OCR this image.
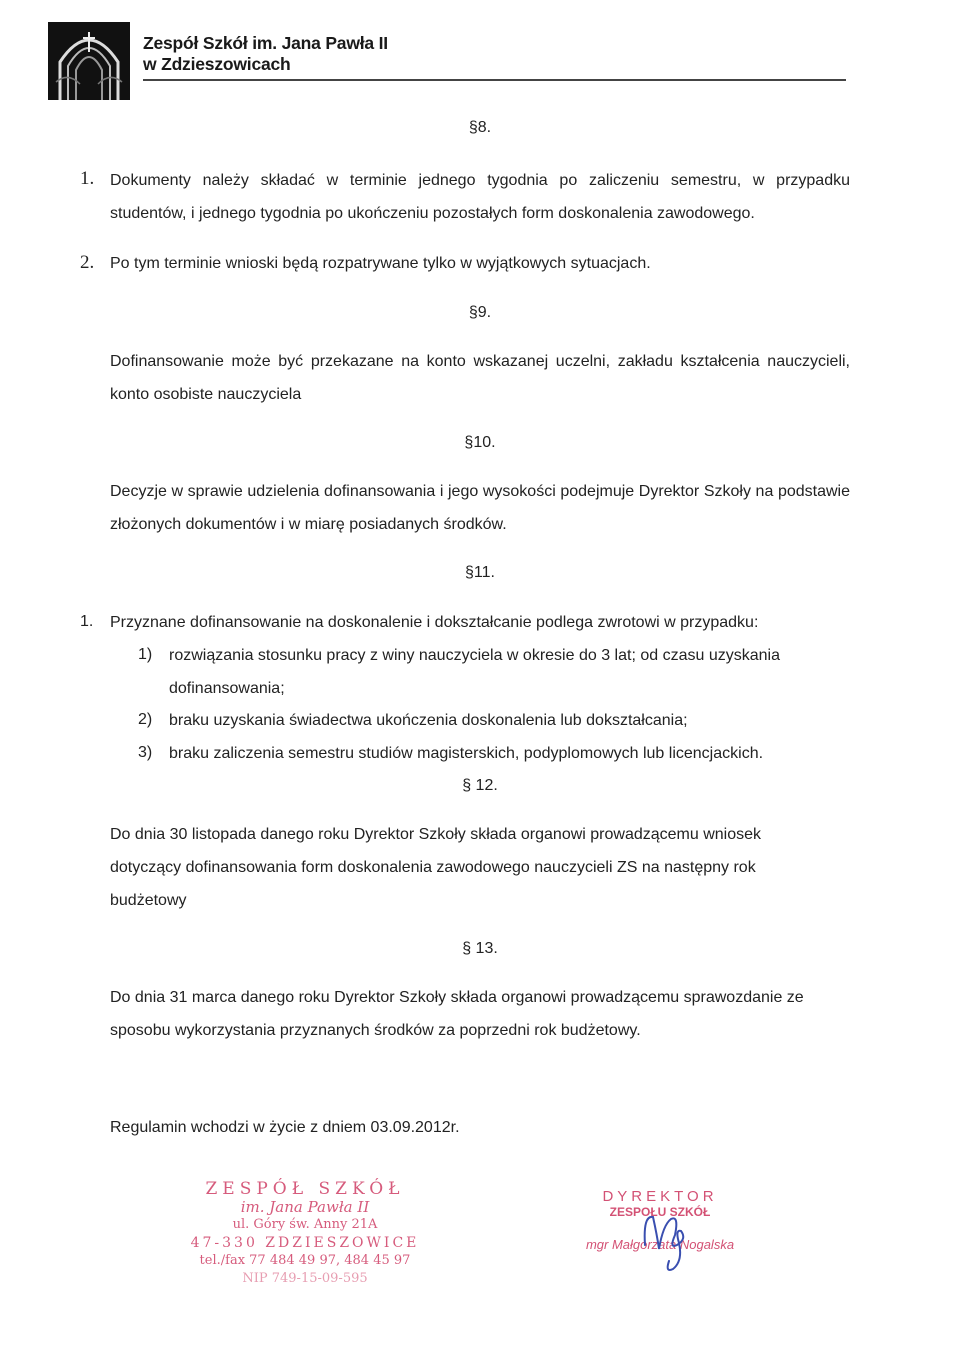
Zespół Szkół im. Jana Pawła II
w Zdzieszowicach
§8.
1. Dokumenty należy składać w terminie jednego tygodnia po zaliczeniu semestru, w przypadku studentów, i jednego tygodnia po ukończeniu pozostałych form doskonalenia zawodowego.
2. Po tym terminie wnioski będą rozpatrywane tylko w wyjątkowych sytuacjach.
§9.
Dofinansowanie może być przekazane na konto wskazanej uczelni, zakładu kształcenia nauczycieli, konto osobiste nauczyciela
§10.
Decyzje w sprawie udzielenia dofinansowania i jego wysokości podejmuje Dyrektor Szkoły na podstawie złożonych dokumentów i w miarę posiadanych środków.
§11.
1. Przyznane dofinansowanie na doskonalenie i dokształcanie podlega zwrotowi w przypadku:
1) rozwiązania stosunku pracy z winy nauczyciela w okresie do 3 lat; od czasu uzyskania dofinansowania;
2) braku uzyskania świadectwa ukończenia doskonalenia lub dokształcania;
3) braku zaliczenia semestru studiów magisterskich, podyplomowych lub licencjackich.
§ 12.
Do dnia 30 listopada danego roku Dyrektor Szkoły składa organowi prowadzącemu wniosek dotyczący dofinansowania form doskonalenia zawodowego nauczycieli ZS na następny rok budżetowy
§ 13.
Do dnia 31 marca danego roku Dyrektor Szkoły składa organowi prowadzącemu sprawozdanie ze sposobu wykorzystania przyznanych środków za poprzedni rok budżetowy.
Regulamin wchodzi w życie z dniem 03.09.2012r.
ZESPÓŁ SZKÓŁ
im. Jana Pawła II
ul. Góry św. Anny 21A
47-330 ZDZIESZOWICE
tel./fax 77 484 49 97, 484 45 97
NIP 749-15-09-595
DYREKTOR
ZESPOŁU SZKÓŁ
mgr Małgorzata Nogalska
